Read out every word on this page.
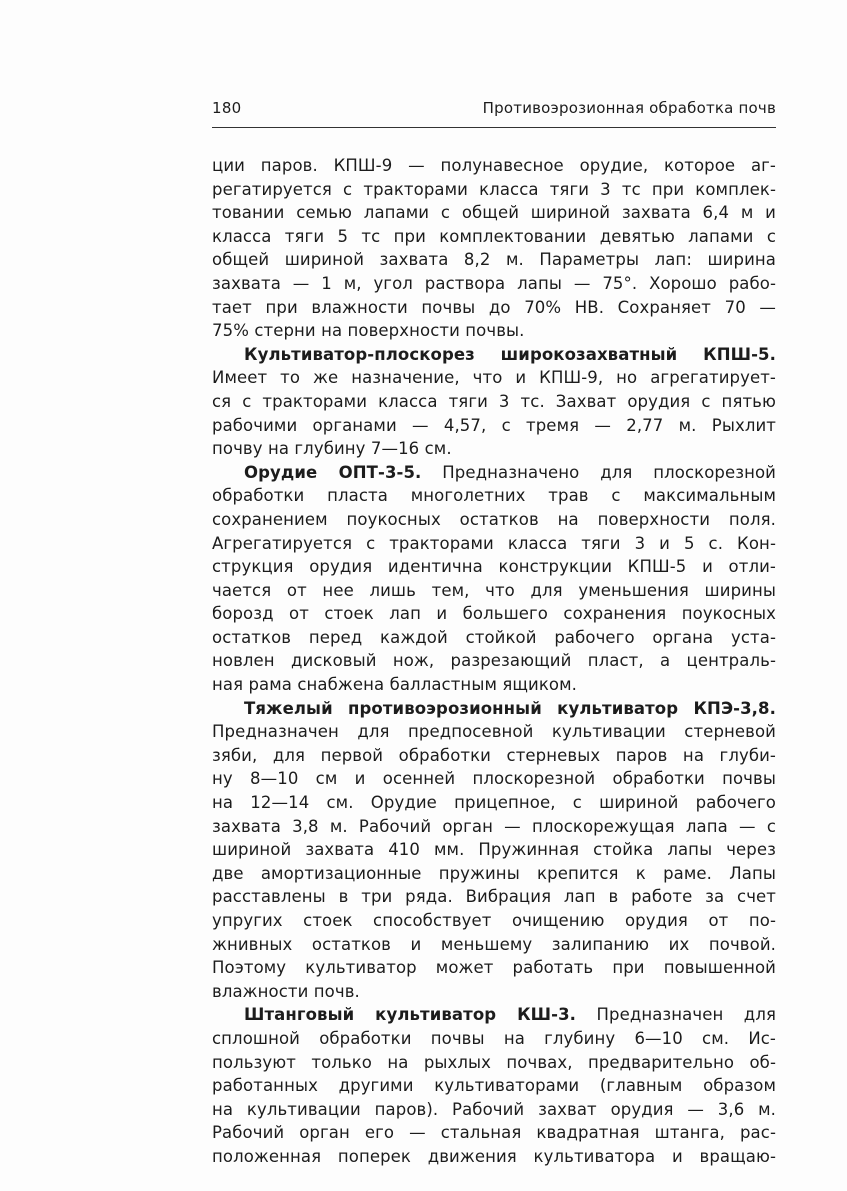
180	Противоэрозионная обработка почв
ции паров. КПШ-9 — полунавесное орудие, которое аг-
регатируется с тракторами класса тяги 3 тс при комплек-
товании семью лапами с общей шириной захвата 6,4 м и
класса тяги 5 тс при комплектовании девятью лапами с
общей шириной захвата 8,2 м. Параметры лап: ширина
захвата — 1 м, угол раствора лапы — 75°. Хорошо рабо-
тает при влажности почвы до 70% НВ. Сохраняет 70 —
75% стерни на поверхности почвы.
Культиватор-плоскорез широкозахватный КПШ-5.
Имеет то же назначение, что и КПШ-9, но агрегатирует-
ся с тракторами класса тяги 3 тс. Захват орудия с пятью
рабочими органами — 4,57, с тремя — 2,77 м. Рыхлит
почву на глубину 7—16 см.
Орудие ОПТ-3-5. Предназначено для плоскорезной
обработки пласта многолетних трав с максимальным
сохранением поукосных остатков на поверхности поля.
Агрегатируется с тракторами класса тяги 3 и 5 с. Кон-
струкция орудия идентична конструкции КПШ-5 и отли-
чается от нее лишь тем, что для уменьшения ширины
борозд от стоек лап и большего сохранения поукосных
остатков перед каждой стойкой рабочего органа уста-
новлен дисковый нож, разрезающий пласт, а централь-
ная рама снабжена балластным ящиком.
Тяжелый противоэрозионный культиватор КПЭ-3,8.
Предназначен для предпосевной культивации стерневой
зяби, для первой обработки стерневых паров на глуби-
ну 8—10 см и осенней плоскорезной обработки почвы
на 12—14 см. Орудие прицепное, с шириной рабочего
захвата 3,8 м. Рабочий орган — плоскорежущая лапа — с
шириной захвата 410 мм. Пружинная стойка лапы через
две амортизационные пружины крепится к раме. Лапы
расставлены в три ряда. Вибрация лап в работе за счет
упругих стоек способствует очищению орудия от по-
жнивных остатков и меньшему залипанию их почвой.
Поэтому культиватор может работать при повышенной
влажности почв.
Штанговый культиватор КШ-3. Предназначен для
сплошной обработки почвы на глубину 6—10 см. Ис-
пользуют только на рыхлых почвах, предварительно об-
работанных другими культиваторами (главным образом
на культивации паров). Рабочий захват орудия — 3,6 м.
Рабочий орган его — стальная квадратная штанга, рас-
положенная поперек движения культиватора и вращаю-
